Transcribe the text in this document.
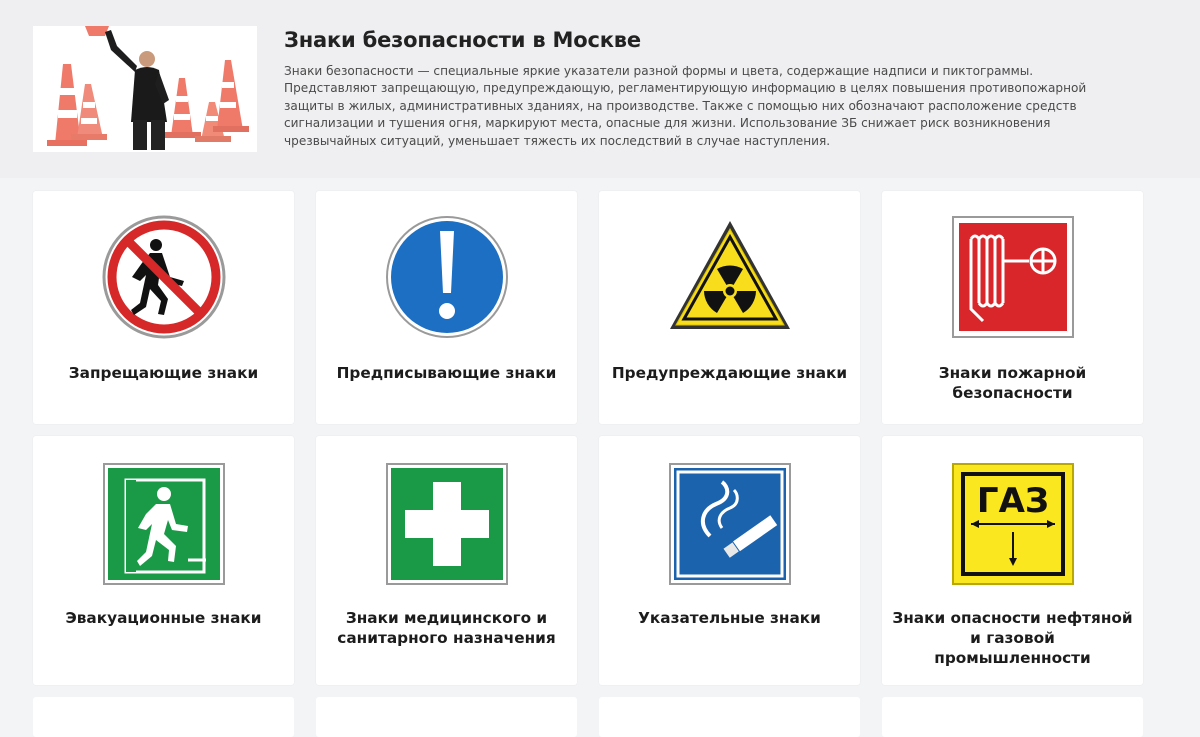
Знаки безопасности в Москве
Знаки безопасности — специальные яркие указатели разной формы и цвета, содержащие надписи и пиктограммы. Представляют запрещающую, предупреждающую, регламентирующую информацию в целях повышения противопожарной защиты в жилых, административных зданиях, на производстве. Также с помощью них обозначают расположение средств сигнализации и тушения огня, маркируют места, опасные для жизни. Использование ЗБ снижает риск возникновения чрезвычайных ситуаций, уменьшает тяжесть их последствий в случае наступления.
Запрещающие знаки	Предписывающие знаки	Предупреждающие знаки	Знаки пожарной безопасности
Эвакуационные знаки	Знаки медицинского и санитарного назначения
Указательные знаки
ГАЗ
Знаки опасности нефтяной и газовой промышленности
